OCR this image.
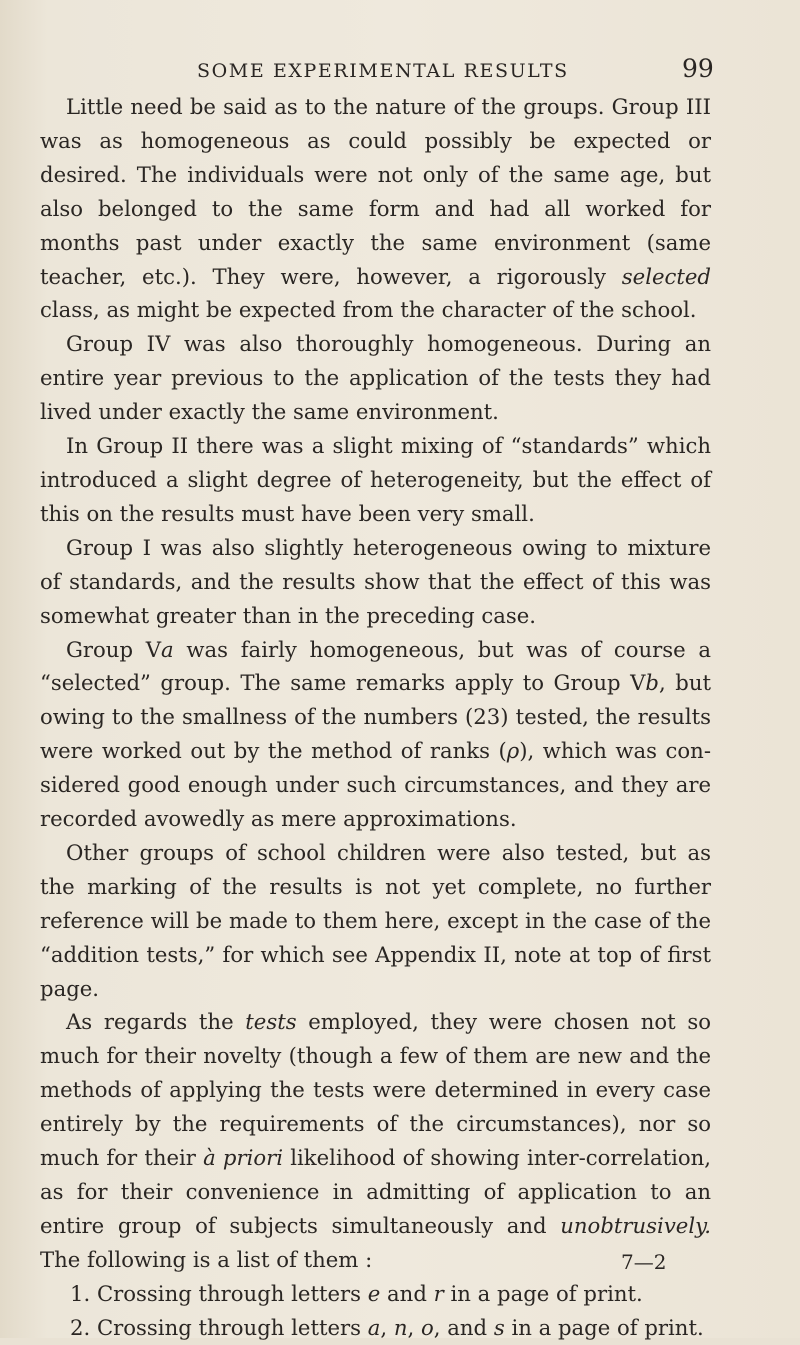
SOME EXPERIMENTAL RESULTS	99

Little need be said as to the nature of the groups. Group III was as homogeneous as could possibly be expected or desired. The individuals were not only of the same age, but also belonged to the same form and had all worked for months past under exactly the same environment (same teacher, etc.). They were, however, a rigorously selected class, as might be expected from the character of the school.

Group IV was also thoroughly homogeneous. During an entire year previous to the application of the tests they had lived under exactly the same environment.

In Group II there was a slight mixing of “standards” which introduced a slight degree of heterogeneity, but the effect of this on the results must have been very small.

Group I was also slightly heterogeneous owing to mixture of standards, and the results show that the effect of this was somewhat greater than in the preceding case.

Group Va was fairly homogeneous, but was of course a “selected” group. The same remarks apply to Group Vb, but owing to the smallness of the numbers (23) tested, the results were worked out by the method of ranks (ρ), which was considered good enough under such circumstances, and they are recorded avowedly as mere approximations.

Other groups of school children were also tested, but as the marking of the results is not yet complete, no further reference will be made to them here, except in the case of the “addition tests,” for which see Appendix II, note at top of first page.

As regards the tests employed, they were chosen not so much for their novelty (though a few of them are new and the methods of applying the tests were determined in every case entirely by the requirements of the circumstances), nor so much for their à priori likelihood of showing inter-correlation, as for their convenience in admitting of application to an entire group of subjects simultaneously and unobtrusively. The following is a list of them :

1. Crossing through letters e and r in a page of print.

2. Crossing through letters a, n, o, and s in a page of print.

7—2
